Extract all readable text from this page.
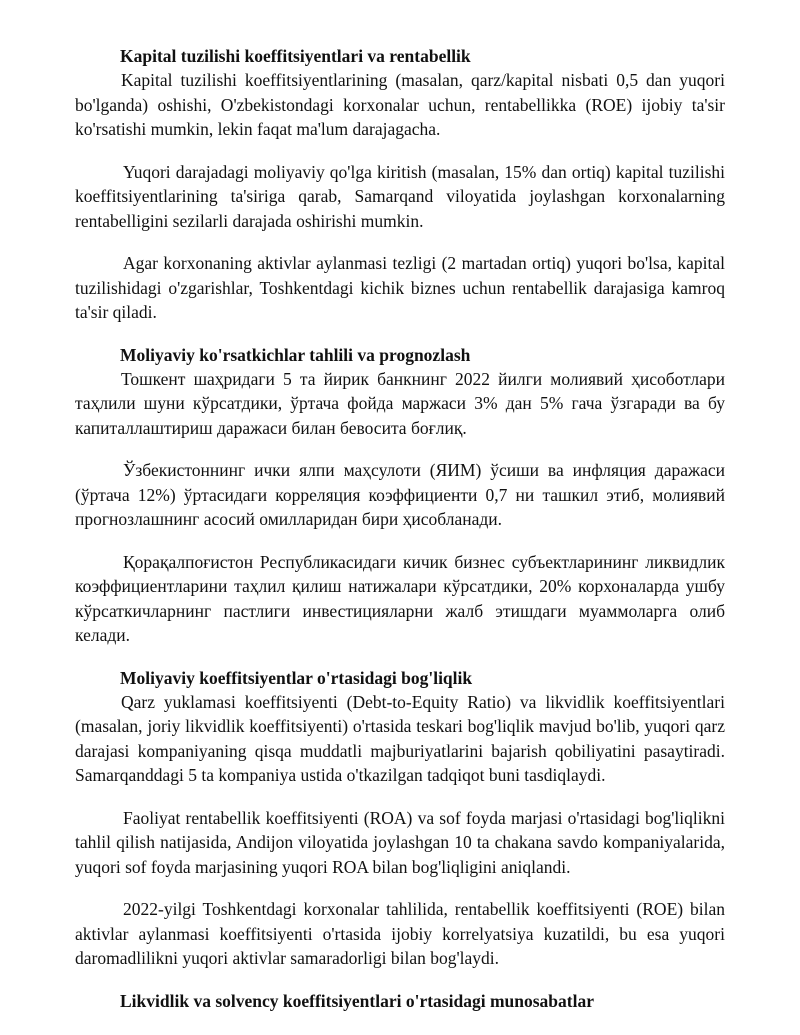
Kapital tuzilishi koeffitsiyentlari va rentabellik

Kapital tuzilishi koeffitsiyentlarining (masalan, qarz/kapital nisbati 0,5 dan yuqori bo'lganda) oshishi, O'zbekistondagi korxonalar uchun, rentabellikka (ROE) ijobiy ta'sir ko'rsatishi mumkin, lekin faqat ma'lum darajagacha.

Yuqori darajadagi moliyaviy qo'lga kiritish (masalan, 15% dan ortiq) kapital tuzilishi koeffitsiyentlarining ta'siriga qarab, Samarqand viloyatida joylashgan korxonalarning rentabelligini sezilarli darajada oshirishi mumkin.

Agar korxonaning aktivlar aylanmasi tezligi (2 martadan ortiq) yuqori bo'lsa, kapital tuzilishidagi o'zgarishlar, Toshkentdagi kichik biznes uchun rentabellik darajasiga kamroq ta'sir qiladi.

Moliyaviy ko'rsatkichlar tahlili va prognozlash

Тошкент шаҳридаги 5 та йирик банкнинг 2022 йилги молиявий ҳисоботлари таҳлили шуни кўрсатдики, ўртача фойда маржаси 3% дан 5% гача ўзгаради ва бу капиталлаштириш даражаси билан бевосита боғлиқ.

Ўзбекистоннинг ички ялпи маҳсулоти (ЯИМ) ўсиши ва инфляция даражаси (ўртача 12%) ўртасидаги корреляция коэффициенти 0,7 ни ташкил этиб, молиявий прогнозлашнинг асосий омилларидан бири ҳисобланади.

Қорақалпоғистон Республикасидаги кичик бизнес субъектларининг ликвидлик коэффициентларини таҳлил қилиш натижалари кўрсатдики, 20% корхоналарда ушбу кўрсаткичларнинг пастлиги инвестицияларни жалб этишдаги муаммоларга олиб келади.

Moliyaviy koeffitsiyentlar o'rtasidagi bog'liqlik

Qarz yuklamasi koeffitsiyenti (Debt-to-Equity Ratio) va likvidlik koeffitsiyentlari (masalan, joriy likvidlik koeffitsiyenti) o'rtasida teskari bog'liqlik mavjud bo'lib, yuqori qarz darajasi kompaniyaning qisqa muddatli majburiyatlarini bajarish qobiliyatini pasaytiradi. Samarqanddagi 5 ta kompaniya ustida o'tkazilgan tadqiqot buni tasdiqlaydi.

Faoliyat rentabellik koeffitsiyenti (ROA) va sof foyda marjasi o'rtasidagi bog'liqlikni tahlil qilish natijasida, Andijon viloyatida joylashgan 10 ta chakana savdo kompaniyalarida, yuqori sof foyda marjasining yuqori ROA bilan bog'liqligini aniqlandi.

2022-yilgi Toshkentdagi korxonalar tahlilida, rentabellik koeffitsiyenti (ROE) bilan aktivlar aylanmasi koeffitsiyenti o'rtasida ijobiy korrelyatsiya kuzatildi, bu esa yuqori daromadlilikni yuqori aktivlar samaradorligi bilan bog'laydi.

Likvidlik va solvency koeffitsiyentlari o'rtasidagi munosabatlar
